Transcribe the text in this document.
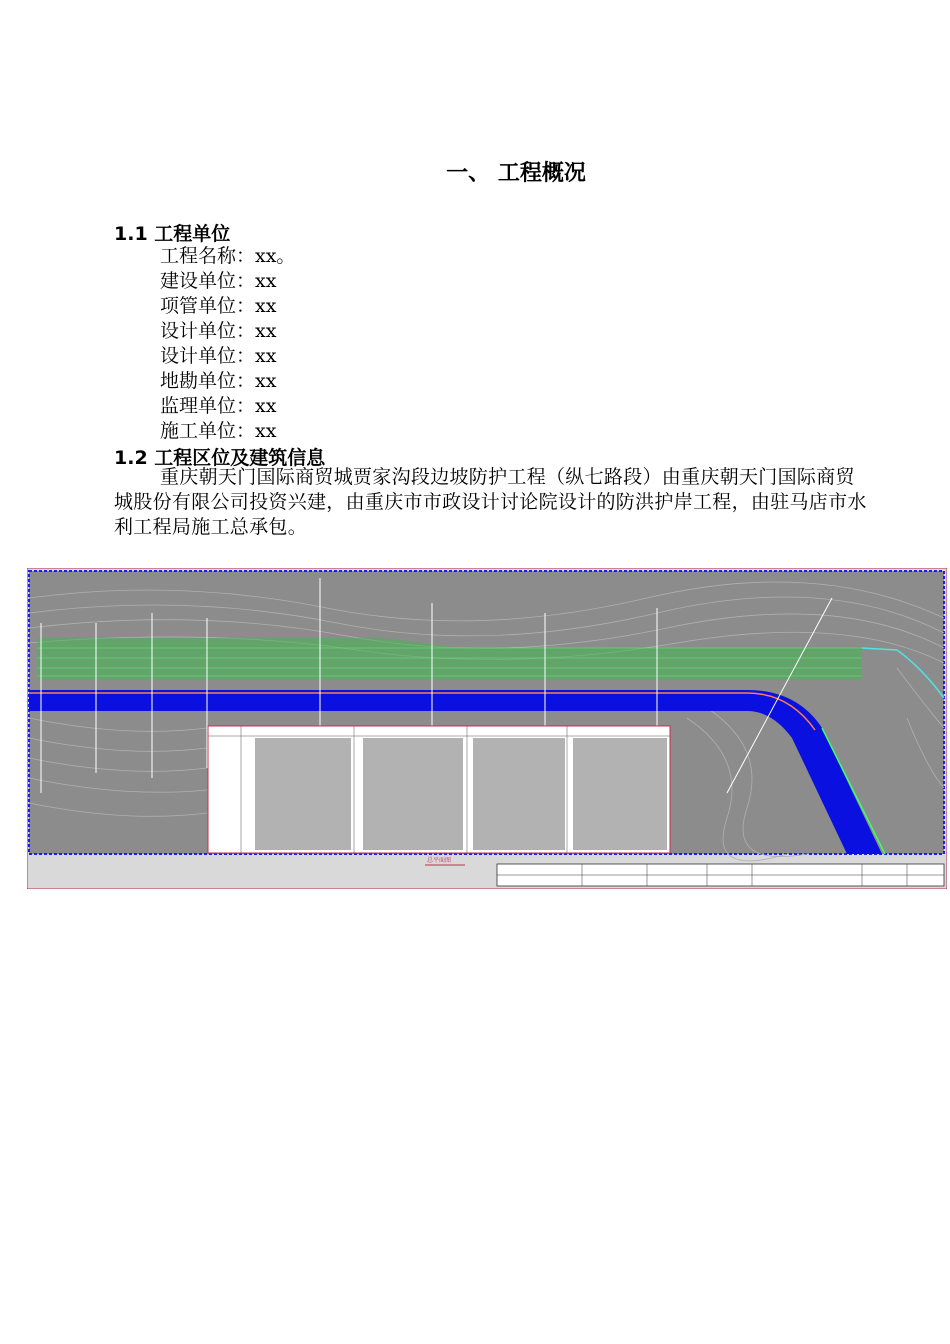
一、 工程概况
1.1 工程单位
工程名称：xx。
建设单位：xx
项管单位：xx
设计单位：xx
设计单位：xx
地勘单位：xx
监理单位：xx
施工单位：xx
1.2 工程区位及建筑信息

重庆朝天门国际商贸城贾家沟段边坡防护工程（纵七路段）由重庆朝天门国际商贸城股份有限公司投资兴建，由重庆市市政设计讨论院设计的防洪护岸工程，由驻马店市水利工程局施工总承包。

总平面图
